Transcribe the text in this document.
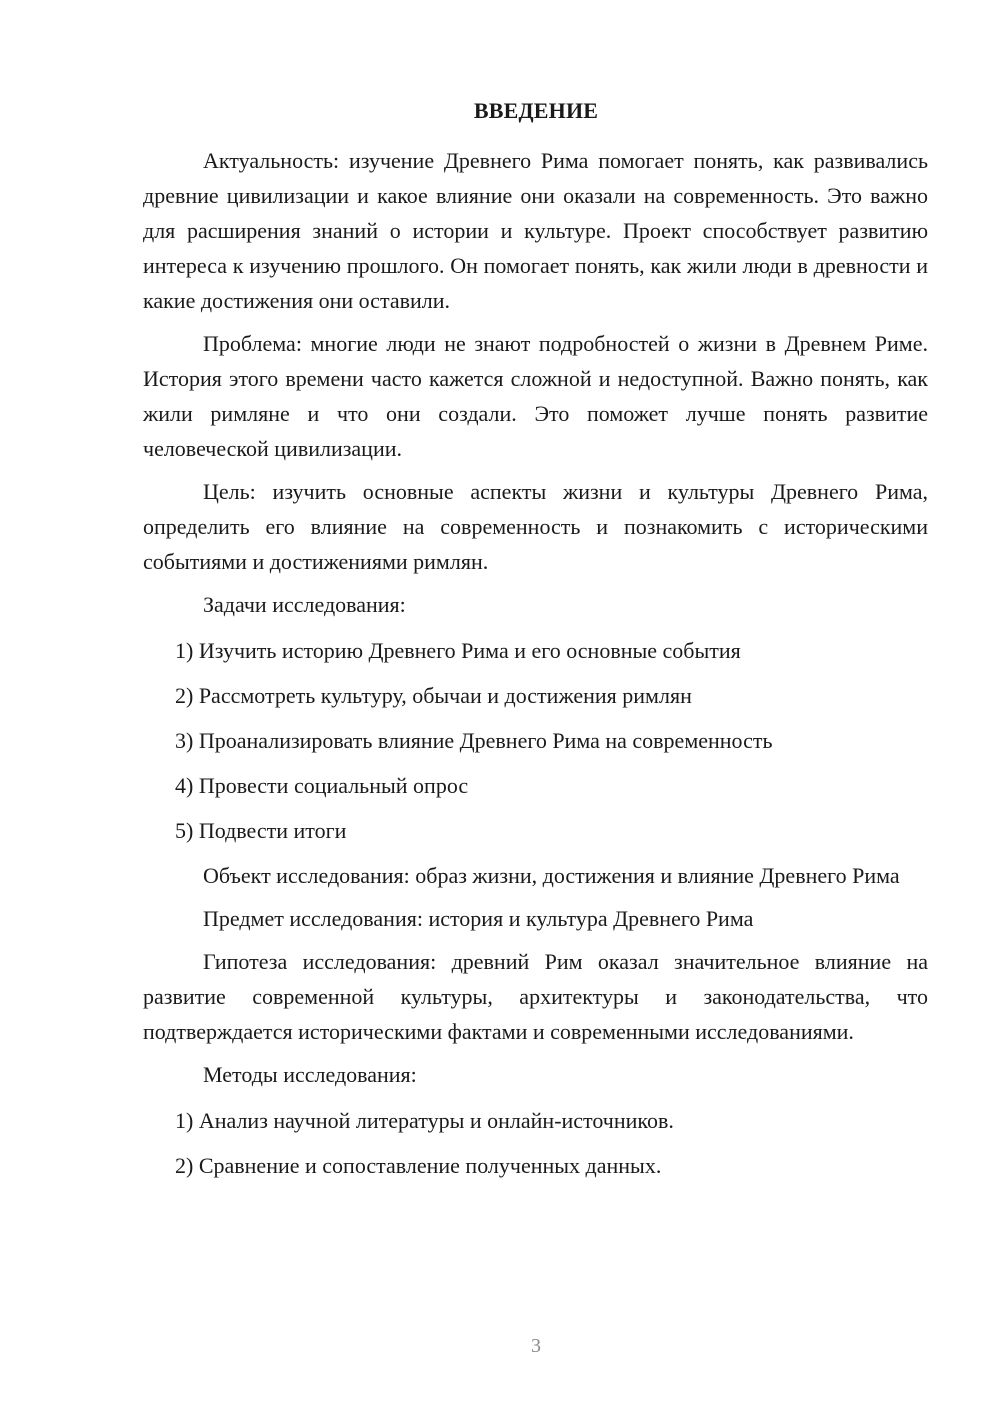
ВВЕДЕНИЕ

Актуальность: изучение Древнего Рима помогает понять, как развивались древние цивилизации и какое влияние они оказали на современность. Это важно для расширения знаний о истории и культуре. Проект способствует развитию интереса к изучению прошлого. Он помогает понять, как жили люди в древности и какие достижения они оставили.

Проблема: многие люди не знают подробностей о жизни в Древнем Риме. История этого времени часто кажется сложной и недоступной. Важно понять, как жили римляне и что они создали. Это поможет лучше понять развитие человеческой цивилизации.

Цель: изучить основные аспекты жизни и культуры Древнего Рима, определить его влияние на современность и познакомить с историческими событиями и достижениями римлян.

Задачи исследования:
1) Изучить историю Древнего Рима и его основные события
2) Рассмотреть культуру, обычаи и достижения римлян
3) Проанализировать влияние Древнего Рима на современность
4) Провести социальный опрос
5) Подвести итоги

Объект исследования: образ жизни, достижения и влияние Древнего Рима

Предмет исследования: история и культура Древнего Рима

Гипотеза исследования: древний Рим оказал значительное влияние на развитие современной культуры, архитектуры и законодательства, что подтверждается историческими фактами и современными исследованиями.

Методы исследования:
1) Анализ научной литературы и онлайн-источников.
2) Сравнение и сопоставление полученных данных.
3
